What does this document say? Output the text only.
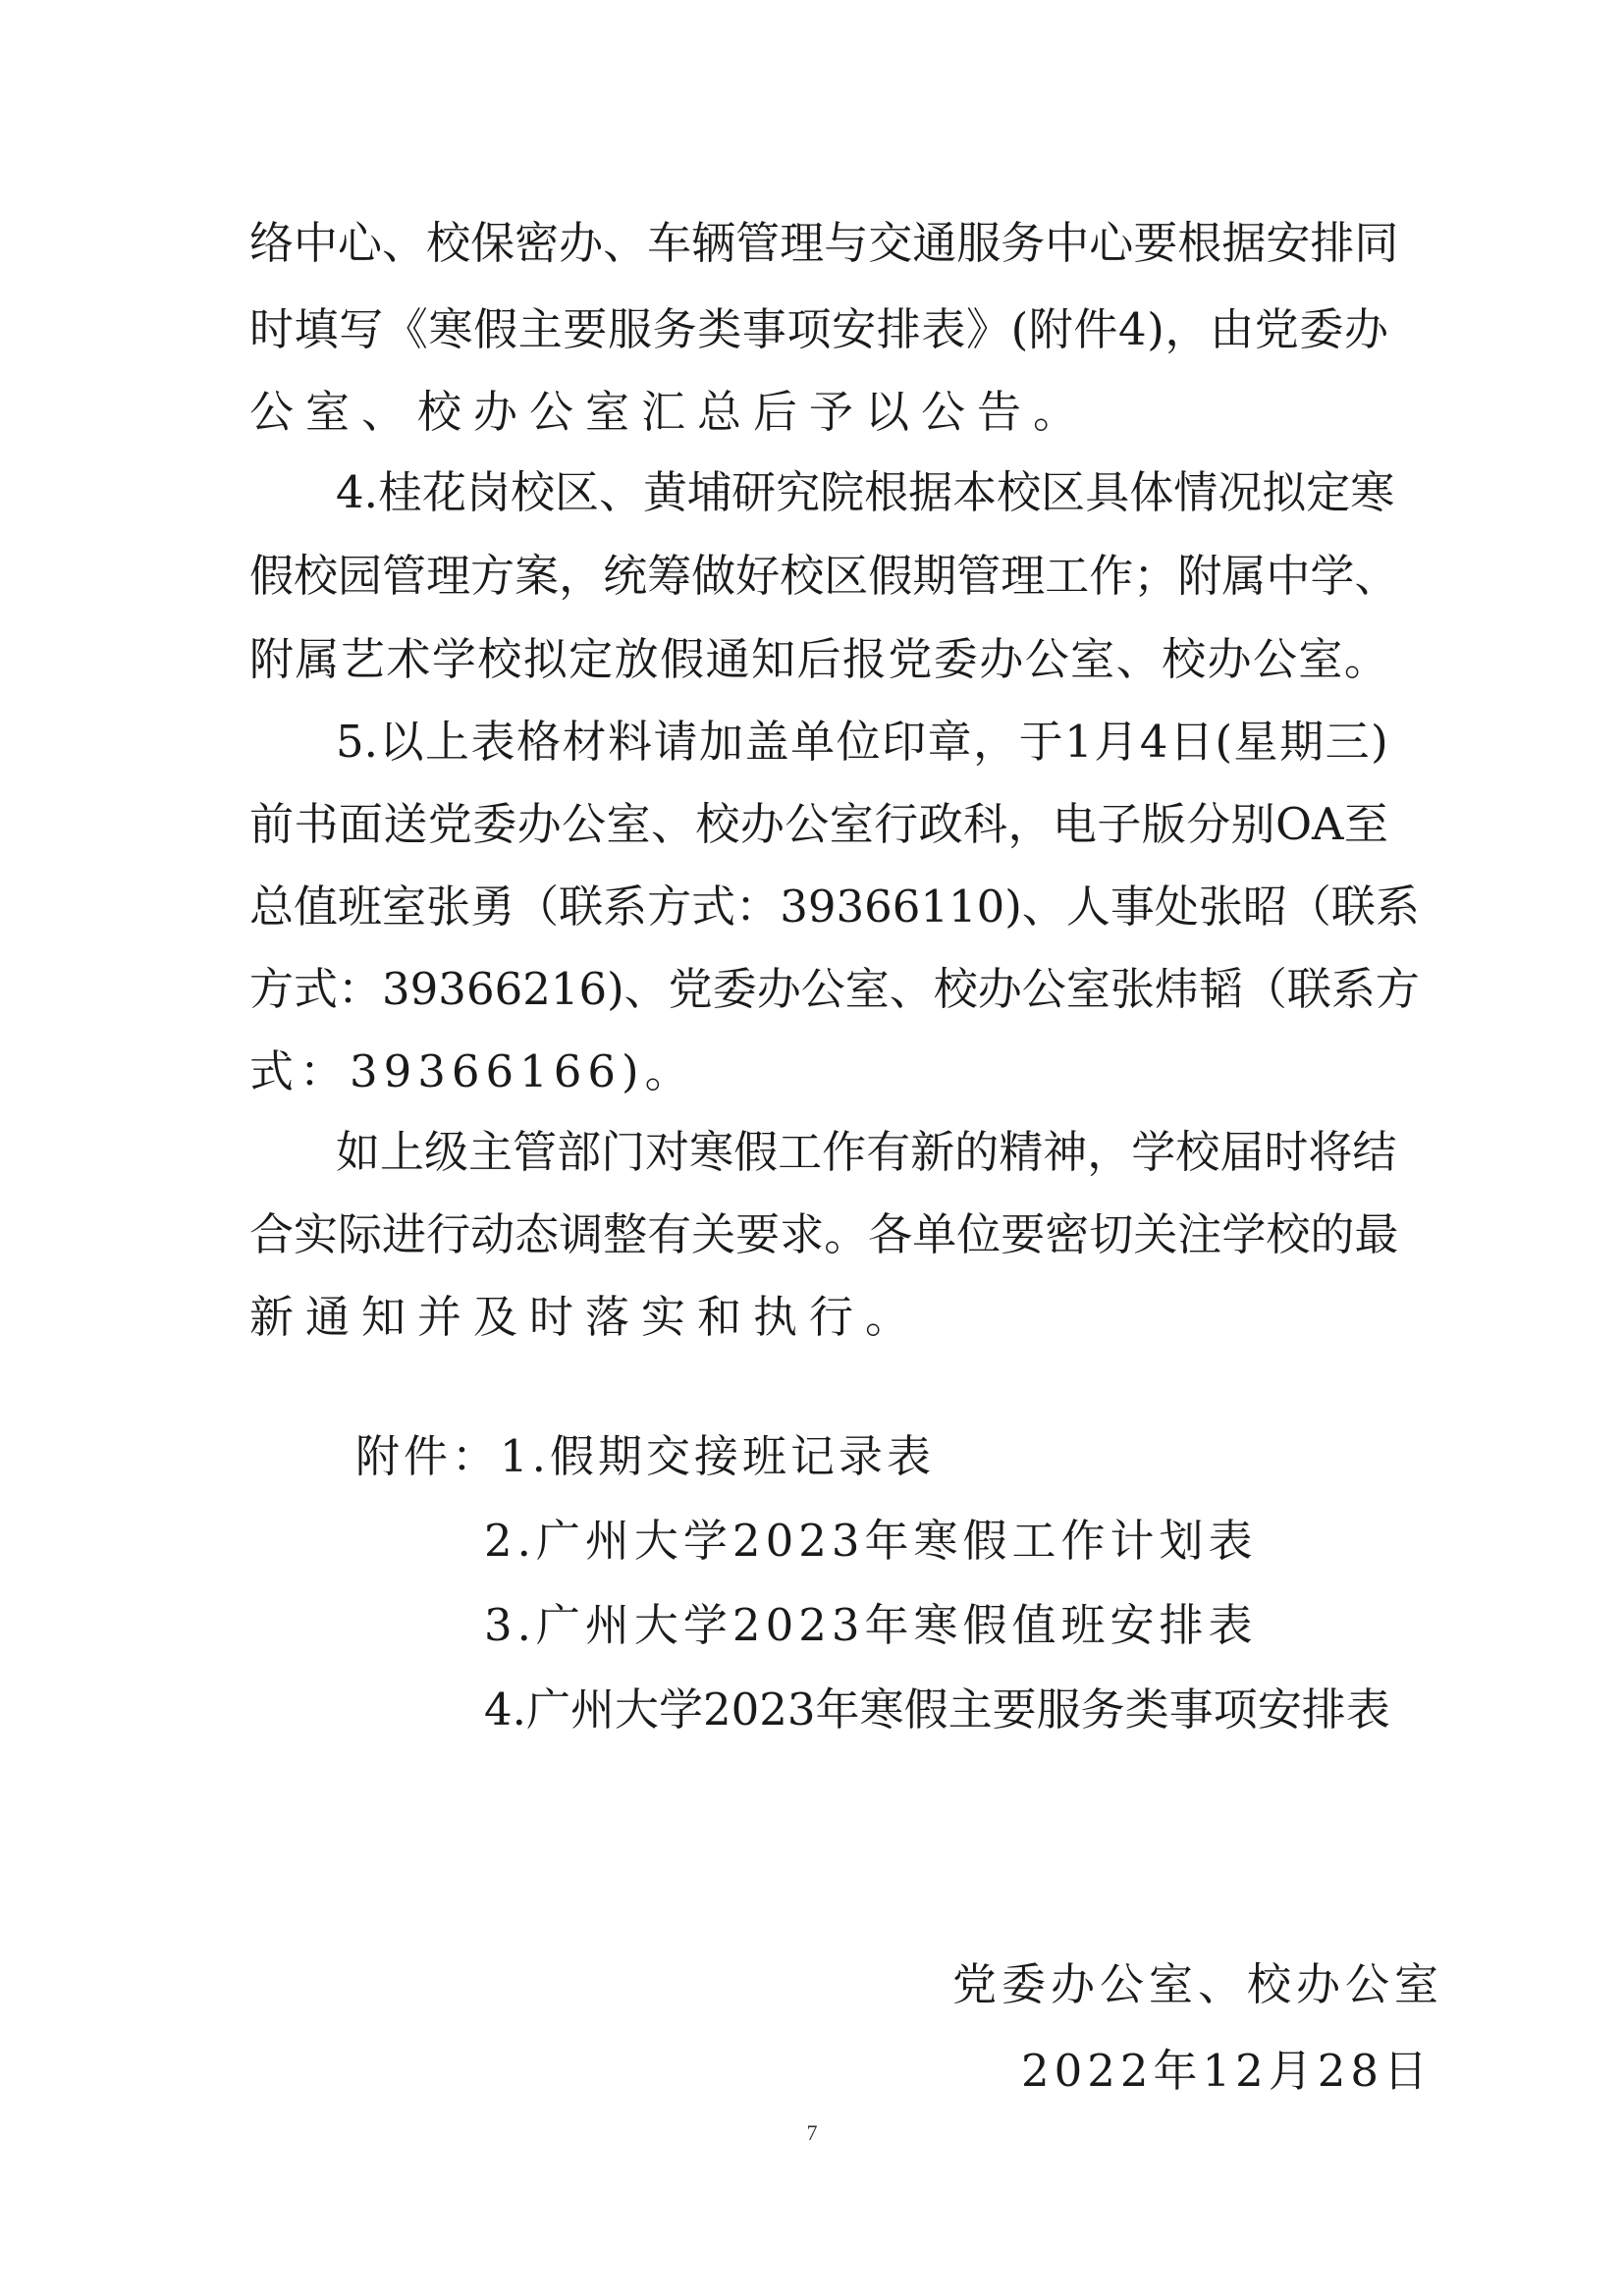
络 中 心 、 校 保 密 办 、 车 辆 管 理 与 交 通 服 务 中 心 要 根 据 安 排 同
时 填 写 《 寒 假 主 要 服 务 类 事 项 安 排 表 》 ( 附 件 4 ) ， 由 党 委 办
公室、校办公室汇总后予以公告。
4. 桂 花 岗 校 区 、 黄 埔 研 究 院 根 据 本 校 区 具 体 情 况 拟 定 寒
假 校 园 管 理 方 案 ， 统 筹 做 好 校 区 假 期 管 理 工 作 ； 附 属 中 学 、
附 属 艺 术 学 校 拟 定 放 假 通 知 后 报 党 委 办 公 室 、 校 办 公 室 。
5. 以 上 表 格 材 料 请 加 盖 单 位 印 章 ， 于 1 月 4 日 ( 星 期 三 )
前 书 面 送 党 委 办 公 室 、 校 办 公 室 行 政 科 ， 电 子 版 分 别 OA 至
总 值 班 室 张 勇 （ 联 系 方 式 ： 39366110 ) 、 人 事 处 张 昭 （ 联 系
方 式 ： 39366216 ) 、 党 委 办 公 室 、 校 办 公 室 张 炜 韬 （ 联 系 方
式：39366166)。
如 上 级 主 管 部 门 对 寒 假 工 作 有 新 的 精 神 ， 学 校 届 时 将 结
合 实 际 进 行 动 态 调 整 有 关 要 求 。 各 单 位 要 密 切 关 注 学 校 的 最
新通知并及时落实和执行。
附件：1.假期交接班记录表
2.广州大学2023年寒假工作计划表
3.广州大学2023年寒假值班安排表
4. 广 州 大 学 2023 年 寒 假 主 要 服 务 类 事 项 安 排 表
党委办公室、校办公室
2022年12月28日
7
